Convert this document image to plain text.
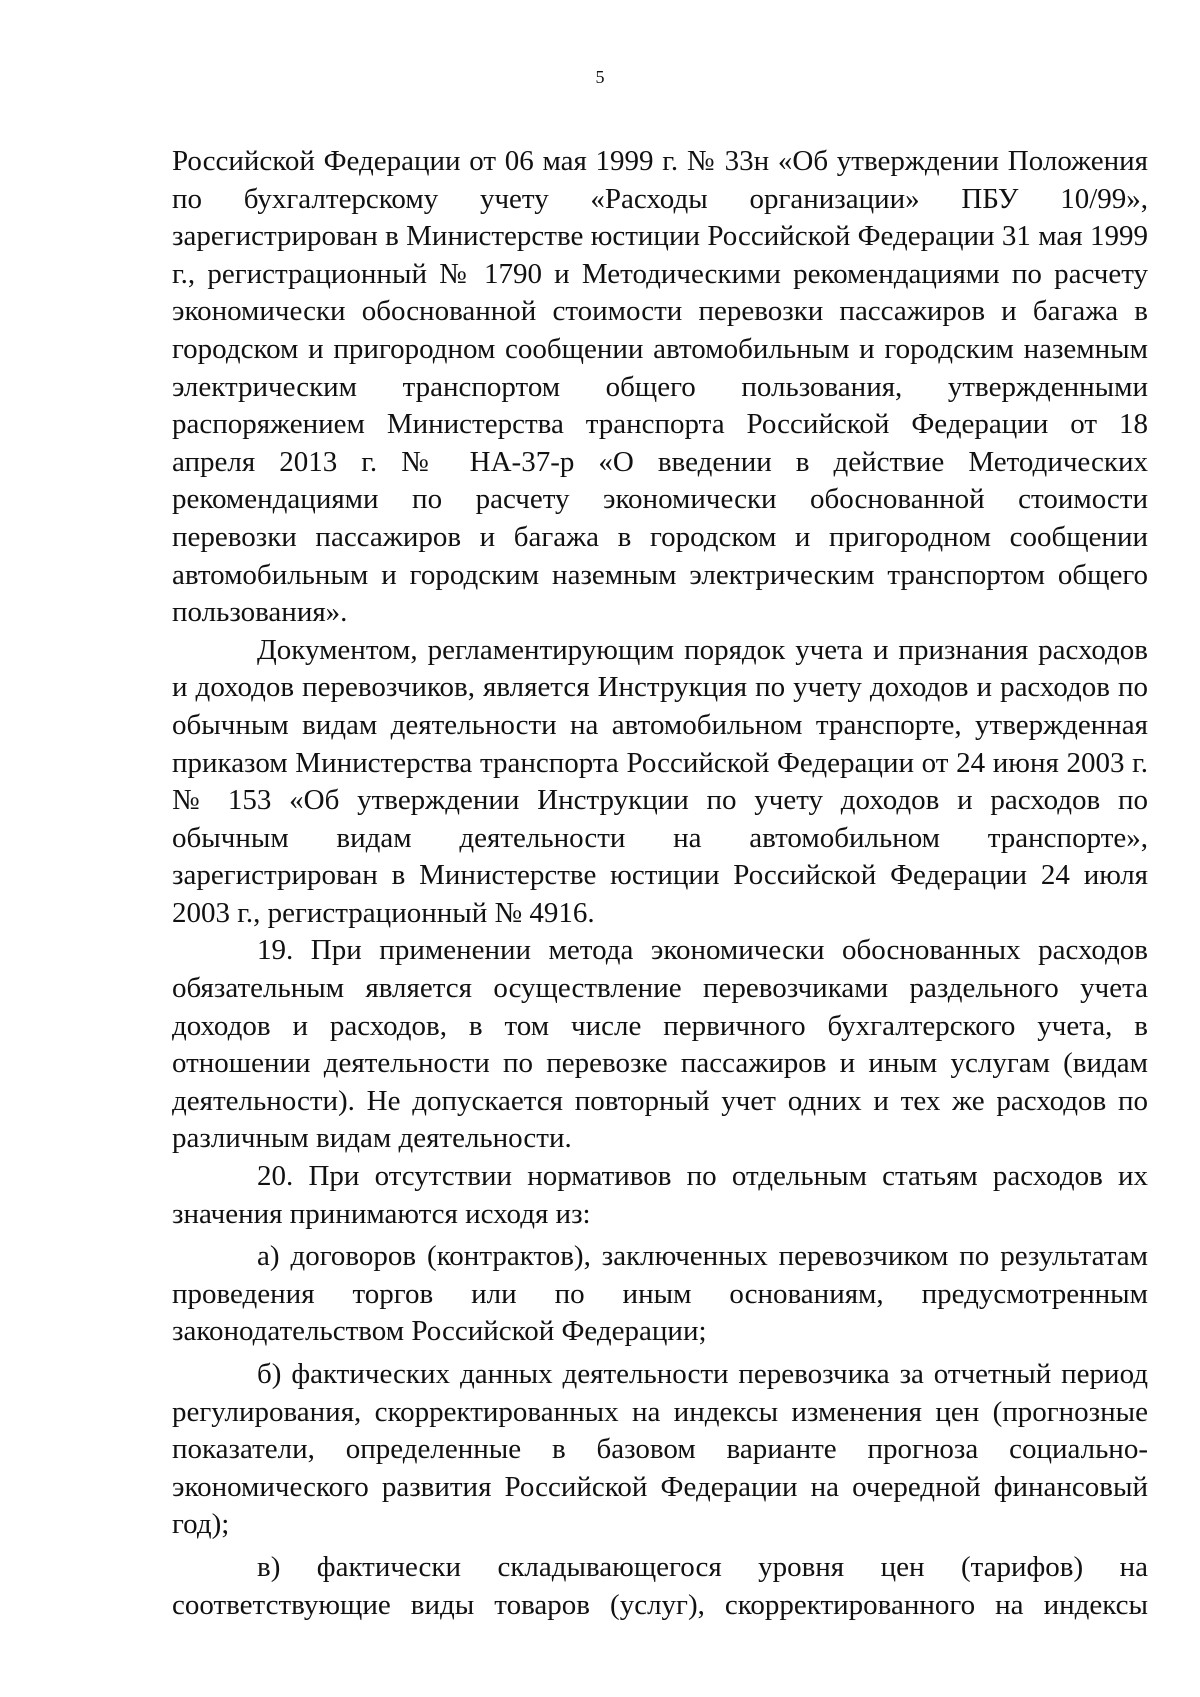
5

Российской Федерации от 06 мая 1999 г. № 33н «Об утверждении Положения по бухгалтерскому учету «Расходы организации» ПБУ 10/99», зарегистрирован в Министерстве юстиции Российской Федерации 31 мая 1999 г., регистрационный № 1790 и Методическими рекомендациями по расчету экономически обоснованной стоимости перевозки пассажиров и багажа в городском и пригородном сообщении автомобильным и городским наземным электрическим транспортом общего пользования, утвержденными распоряжением Министерства транспорта Российской Федерации от 18 апреля 2013 г. № НА-37-р «О введении в действие Методических рекомендациями по расчету экономически обоснованной стоимости перевозки пассажиров и багажа в городском и пригородном сообщении автомобильным и городским наземным электрическим транспортом общего пользования».

Документом, регламентирующим порядок учета и признания расходов и доходов перевозчиков, является Инструкция по учету доходов и расходов по обычным видам деятельности на автомобильном транспорте, утвержденная приказом Министерства транспорта Российской Федерации от 24 июня 2003 г. № 153 «Об утверждении Инструкции по учету доходов и расходов по обычным видам деятельности на автомобильном транспорте», зарегистрирован в Министерстве юстиции Российской Федерации 24 июля 2003 г., регистрационный № 4916.

19. При применении метода экономически обоснованных расходов обязательным является осуществление перевозчиками раздельного учета доходов и расходов, в том числе первичного бухгалтерского учета, в отношении деятельности по перевозке пассажиров и иным услугам (видам деятельности). Не допускается повторный учет одних и тех же расходов по различным видам деятельности.

20. При отсутствии нормативов по отдельным статьям расходов их значения принимаются исходя из:

а) договоров (контрактов), заключенных перевозчиком по результатам проведения торгов или по иным основаниям, предусмотренным законодательством Российской Федерации;

б) фактических данных деятельности перевозчика за отчетный период регулирования, скорректированных на индексы изменения цен (прогнозные показатели, определенные в базовом варианте прогноза социально-экономического развития Российской Федерации на очередной финансовый год);

в) фактически складывающегося уровня цен (тарифов) на соответствующие виды товаров (услуг), скорректированного на индексы
